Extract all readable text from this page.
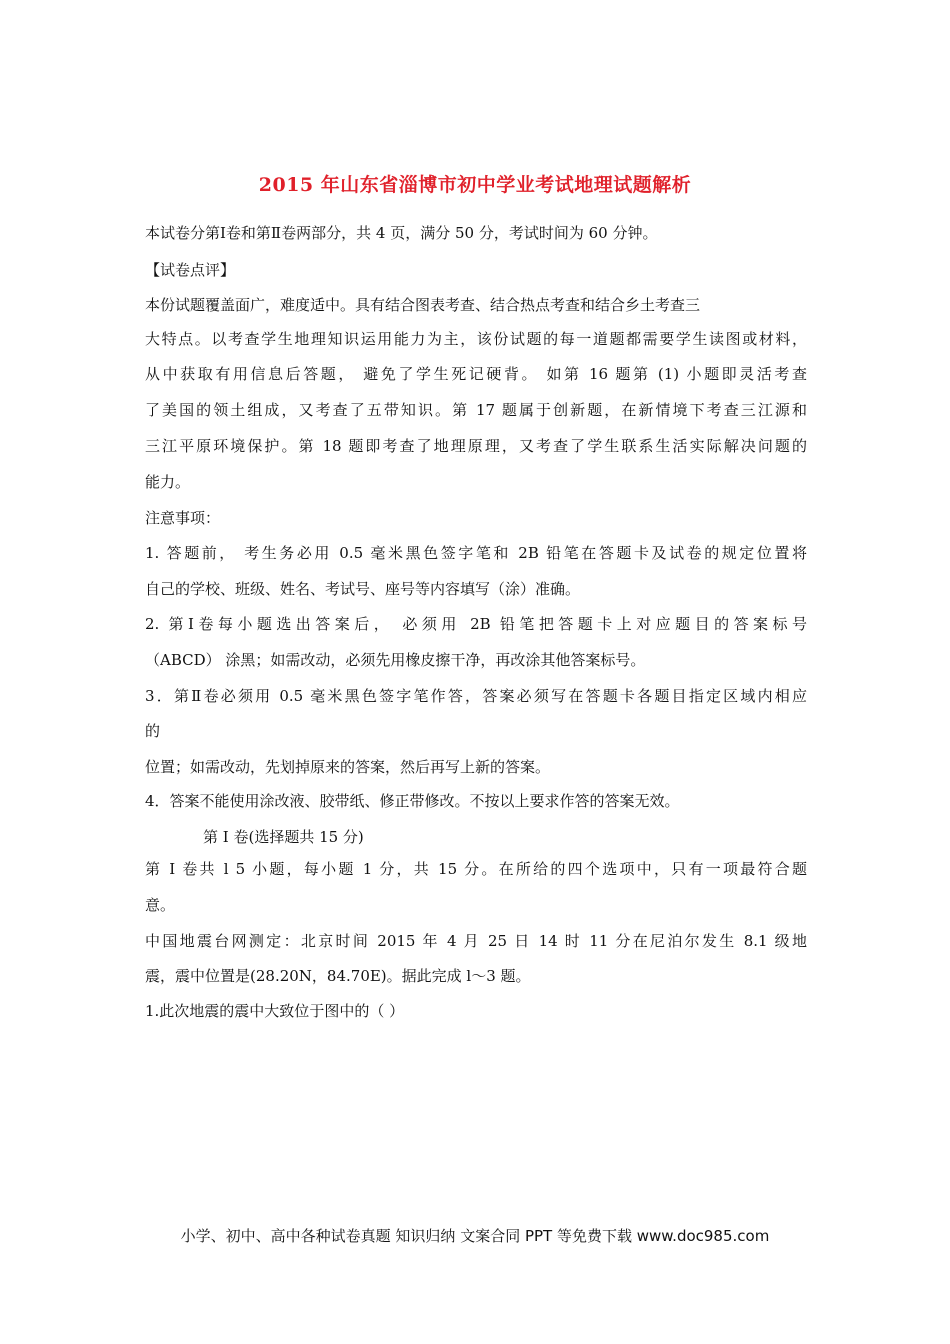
2015 年山东省淄博市初中学业考试地理试题解析
本试卷分第Ⅰ卷和第Ⅱ卷两部分，共 4 页，满分 50 分，考试时间为 60 分钟。
【试卷点评】
本份试题覆盖面广，难度适中。具有结合图表考查、结合热点考查和结合乡土考查三
大特点。以考查学生地理知识运用能力为主，该份试题的每一道题都需要学生读图或材料，
从中获取有用信息后答题， 避免了学生死记硬背。 如第 16 题第 (1) 小题即灵活考查
了美国的领土组成，又考查了五带知识。第 17 题属于创新题，在新情境下考查三江源和
三江平原环境保护。第 18 题即考查了地理原理，又考查了学生联系生活实际解决问题的
能力。
注意事项：
1. 答题前， 考生务必用 0.5 毫米黑色签字笔和 2B 铅笔在答题卡及试卷的规定位置将
自己的学校、班级、姓名、考试号、座号等内容填写（涂）准确。
2. 第Ⅰ卷每小题选出答案后， 必须用 2B 铅笔把答题卡上对应题目的答案标号
（ABCD） 涂黑；如需改动，必须先用橡皮擦干净，再改涂其他答案标号。
3．第Ⅱ卷必须用 0.5 毫米黑色签字笔作答，答案必须写在答题卡各题目指定区域内相应
的
位置；如需改动，先划掉原来的答案，然后再写上新的答案。
4．答案不能使用涂改液、胶带纸、修正带修改。不按以上要求作答的答案无效。
第 I 卷(选择题共 15 分)
第 I 卷共 l 5 小题，每小题 1 分，共 15 分。在所给的四个选项中，只有一项最符合题
意。
中国地震台网测定：北京时间 2015 年 4 月 25 日 14 时 11 分在尼泊尔发生 8.1 级地
震，震中位置是(28.20N，84.70E)。据此完成 l～3 题。
1.此次地震的震中大致位于图中的（ ）
小学、初中、高中各种试卷真题 知识归纳 文案合同 PPT 等免费下载 www.doc985.com
